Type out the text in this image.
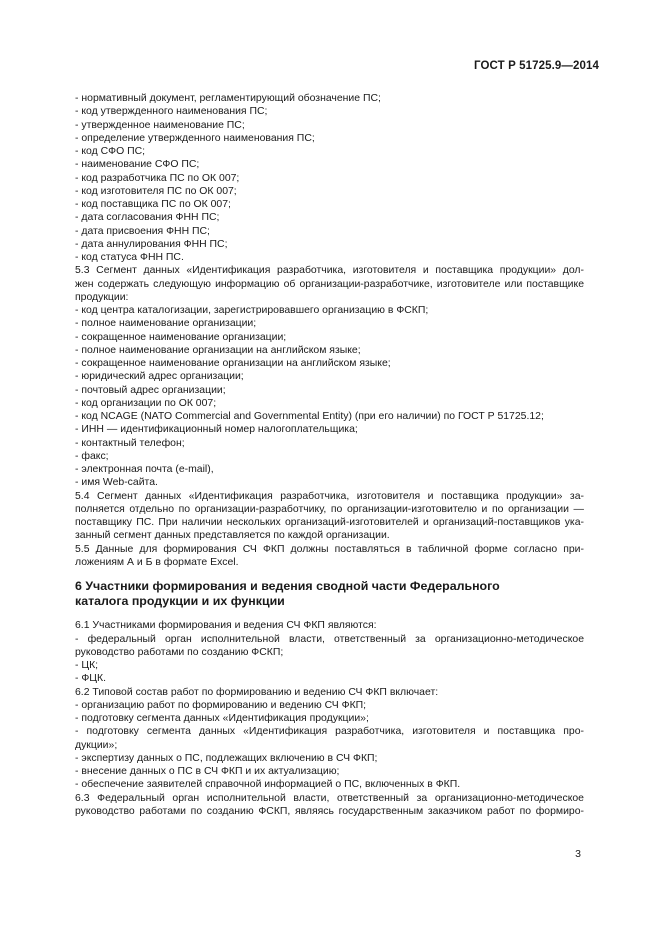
ГОСТ Р 51725.9—2014
- нормативный документ, регламентирующий обозначение ПС;
- код утвержденного наименования ПС;
- утвержденное наименование ПС;
- определение утвержденного наименования ПС;
- код СФО ПС;
- наименование СФО ПС;
- код разработчика ПС по ОК 007;
- код изготовителя ПС по ОК 007;
- код поставщика ПС по ОК 007;
- дата согласования ФНН ПС;
- дата присвоения ФНН ПС;
- дата аннулирования ФНН ПС;
- код статуса ФНН ПС.
5.3 Сегмент данных «Идентификация разработчика, изготовителя и поставщика продукции» дол-
жен содержать следующую информацию об организации-разработчике, изготовителе или поставщике
продукции:
- код центра каталогизации, зарегистрировавшего организацию в ФСКП;
- полное наименование организации;
- сокращенное наименование организации;
- полное наименование организации на английском языке;
- сокращенное наименование организации на английском языке;
- юридический адрес организации;
- почтовый адрес организации;
- код организации по ОК 007;
- код NCAGE (NATO Commercial and Governmental Entity) (при его наличии) по ГОСТ Р 51725.12;
- ИНН — идентификационный номер налогоплательщика;
- контактный телефон;
- факс;
- электронная почта (e-mail),
- имя Web-сайта.
5.4 Сегмент данных «Идентификация разработчика, изготовителя и поставщика продукции» за-
полняется отдельно по организации-разработчику, по организации-изготовителю и по организации —
поставщику ПС. При наличии нескольких организаций-изготовителей и организаций-поставщиков ука-
занный сегмент данных представляется по каждой организации.
5.5 Данные для формирования СЧ ФКП должны поставляться в табличной форме согласно при-
ложениям А и Б в формате Excel.
6 Участники формирования и ведения сводной части Федерального
каталога продукции и их функции
6.1 Участниками формирования и ведения СЧ ФКП являются:
- федеральный орган исполнительной власти, ответственный за организационно-методическое
руководство работами по созданию ФСКП;
- ЦК;
- ФЦК.
6.2 Типовой состав работ по формированию и ведению СЧ ФКП включает:
- организацию работ по формированию и ведению СЧ ФКП;
- подготовку сегмента данных «Идентификация продукции»;
- подготовку сегмента данных «Идентификация разработчика, изготовителя и поставщика про-
дукции»;
- экспертизу данных о ПС, подлежащих включению в СЧ ФКП;
- внесение данных о ПС в СЧ ФКП и их актуализацию;
- обеспечение заявителей справочной информацией о ПС, включенных в ФКП.
6.3 Федеральный орган исполнительной власти, ответственный за организационно-методическое
руководство работами по созданию ФСКП, являясь государственным заказчиком работ по формиро-
3
